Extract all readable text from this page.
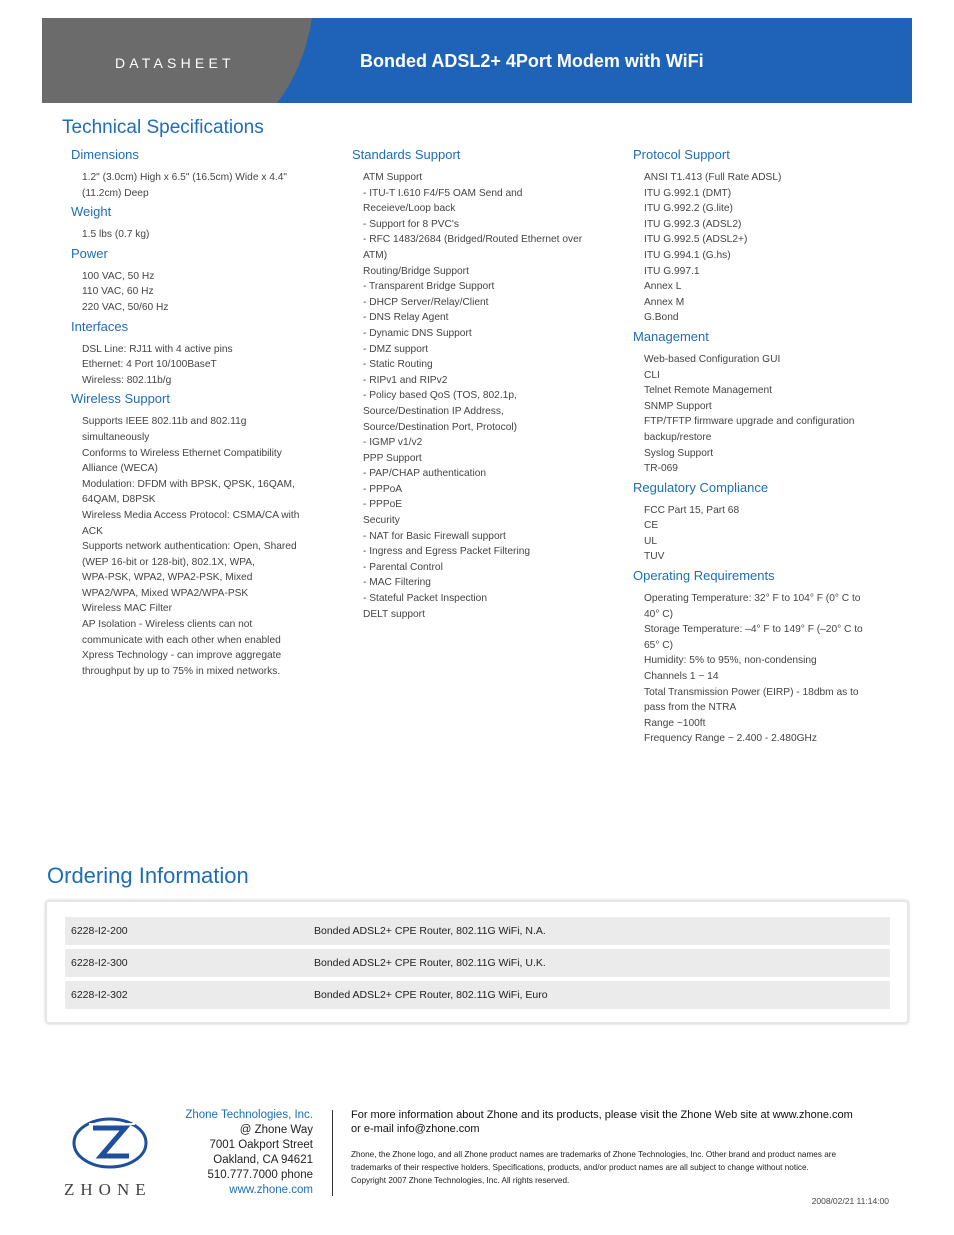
DATASHEET	Bonded ADSL2+ 4Port Modem with WiFi
Technical Specifications
Dimensions
1.2" (3.0cm) High x 6.5" (16.5cm) Wide x 4.4"
(11.2cm) Deep
Weight
1.5 lbs (0.7 kg)
Power
100 VAC, 50 Hz
110 VAC, 60 Hz
220 VAC, 50/60 Hz
Interfaces
DSL Line: RJ11 with 4 active pins
Ethernet: 4 Port 10/100BaseT
Wireless: 802.11b/g
Wireless Support
Supports IEEE 802.11b and 802.11g
simultaneously
Conforms to Wireless Ethernet Compatibility
Alliance (WECA)
Modulation: DFDM with BPSK, QPSK, 16QAM,
64QAM, D8PSK
Wireless Media Access Protocol: CSMA/CA with
ACK
Supports network authentication: Open, Shared
(WEP 16-bit or 128-bit), 802.1X, WPA,
WPA-PSK, WPA2, WPA2-PSK, Mixed
WPA2/WPA, Mixed WPA2/WPA-PSK
Wireless MAC Filter
AP Isolation - Wireless clients can not
communicate with each other when enabled
Xpress Technology - can improve aggregate
throughput by up to 75% in mixed networks.
Standards Support
ATM Support
- ITU-T I.610 F4/F5 OAM Send and
Receieve/Loop back
- Support for 8 PVC's
- RFC 1483/2684 (Bridged/Routed Ethernet over
ATM)
Routing/Bridge Support
- Transparent Bridge Support
- DHCP Server/Relay/Client
- DNS Relay Agent
- Dynamic DNS Support
- DMZ support
- Static Routing
- RIPv1 and RIPv2
- Policy based QoS (TOS, 802.1p,
Source/Destination IP Address,
Source/Destination Port, Protocol)
- IGMP v1/v2
PPP Support
- PAP/CHAP authentication
- PPPoA
- PPPoE
Security
- NAT for Basic Firewall support
- Ingress and Egress Packet Filtering
- Parental Control
- MAC Filtering
- Stateful Packet Inspection
DELT support
Protocol Support
ANSI T1.413 (Full Rate ADSL)
ITU G.992.1 (DMT)
ITU G.992.2 (G.lite)
ITU G.992.3 (ADSL2)
ITU G.992.5 (ADSL2+)
ITU G.994.1 (G.hs)
ITU G.997.1
Annex L
Annex M
G.Bond
Management
Web-based Configuration GUI
CLI
Telnet Remote Management
SNMP Support
FTP/TFTP firmware upgrade and configuration
backup/restore
Syslog Support
TR-069
Regulatory Compliance
FCC Part 15, Part 68
CE
UL
TUV
Operating Requirements
Operating Temperature: 32° F to 104° F (0° C to
40° C)
Storage Temperature: –4° F to 149° F (–20° C to
65° C)
Humidity: 5% to 95%, non-condensing
Channels 1 ~ 14
Total Transmission Power (EIRP) - 18dbm as to
pass from the NTRA
Range ~100ft
Frequency Range ~ 2.400 - 2.480GHz
Ordering Information
6228-I2-200	Bonded ADSL2+ CPE Router, 802.11G WiFi, N.A.
6228-I2-300	Bonded ADSL2+ CPE Router, 802.11G WiFi, U.K.
6228-I2-302	Bonded ADSL2+ CPE Router, 802.11G WiFi, Euro
ZHONE
Zhone Technologies, Inc.
@ Zhone Way
7001 Oakport Street
Oakland, CA 94621
510.777.7000 phone
www.zhone.com
For more information about Zhone and its products, please visit the Zhone Web site at www.zhone.com
or e-mail info@zhone.com
Zhone, the Zhone logo, and all Zhone product names are trademarks of Zhone Technologies, Inc. Other brand and product names are
trademarks of their respective holders. Specifications, products, and/or product names are all subject to change without notice.
Copyright 2007 Zhone Technologies, Inc. All rights reserved.
2008/02/21 11:14:00
